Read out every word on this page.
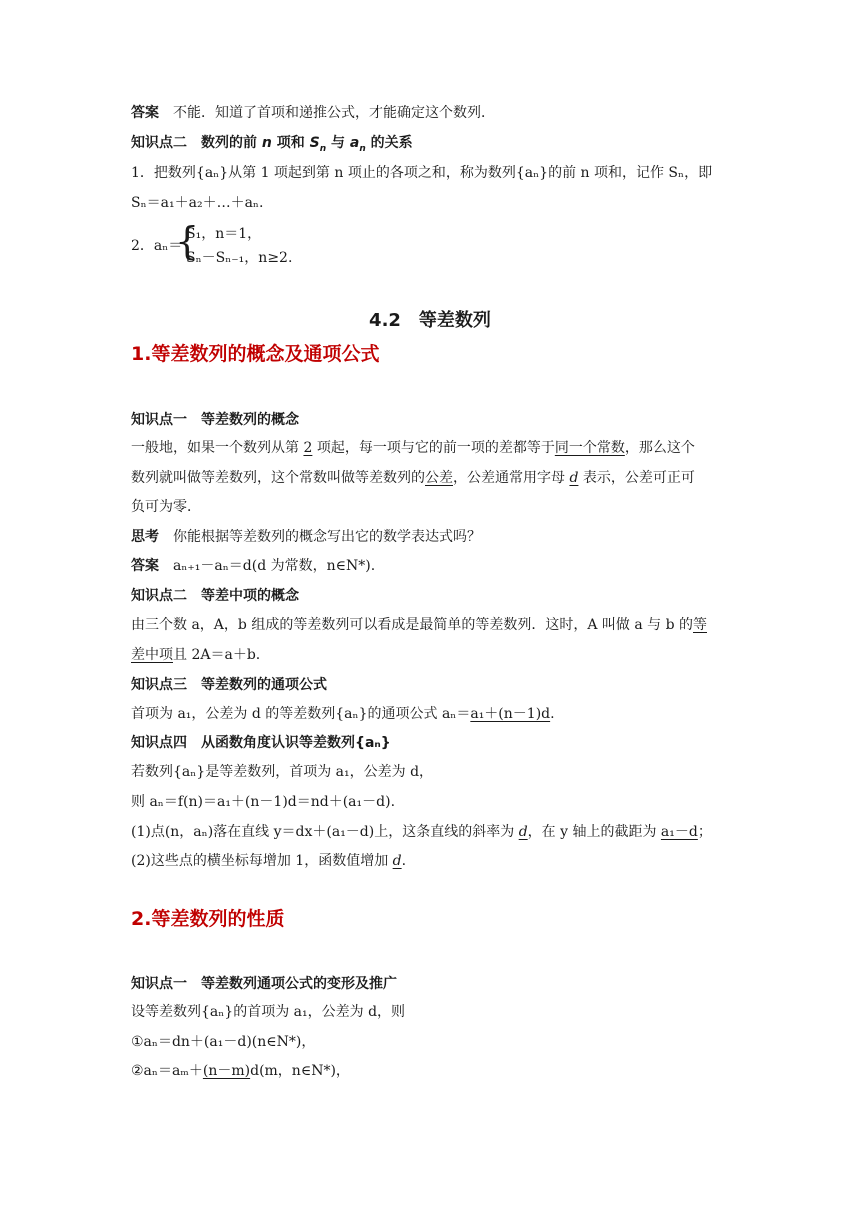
答案 不能．知道了首项和递推公式，才能确定这个数列．
知识点二　数列的前 n 项和 $S_n$ 与 $a_n$ 的关系
1．把数列{aₙ}从第 1 项起到第 n 项止的各项之和，称为数列{aₙ}的前 n 项和，记作 Sₙ，即
Sₙ＝a₁＋a₂＋…＋aₙ.
2．aₙ＝
{
S₁，n＝1，
Sₙ－Sₙ₋₁，n≥2.
4.2　等差数列
1.等差数列的概念及通项公式
知识点一　等差数列的概念
一般地，如果一个数列从第 2 项起，每一项与它的前一项的差都等于同一个常数，那么这个
数列就叫做等差数列，这个常数叫做等差数列的公差，公差通常用字母 d 表示，公差可正可
负可为零．
思考 你能根据等差数列的概念写出它的数学表达式吗？
答案 aₙ₊₁－aₙ＝d(d 为常数，n∈N*).
知识点二　等差中项的概念
由三个数 a，A，b 组成的等差数列可以看成是最简单的等差数列．这时，A 叫做 a 与 b 的等
差中项且 2A＝a＋b.
知识点三　等差数列的通项公式
首项为 a₁，公差为 d 的等差数列{aₙ}的通项公式 aₙ＝a₁＋(n－1)d.
知识点四　从函数角度认识等差数列{aₙ}
若数列{aₙ}是等差数列，首项为 a₁，公差为 d，
则 aₙ＝f(n)＝a₁＋(n－1)d＝nd＋(a₁－d).
(1)点(n，aₙ)落在直线 y＝dx＋(a₁－d)上，这条直线的斜率为 d，在 y 轴上的截距为 a₁－d；
(2)这些点的横坐标每增加 1，函数值增加 d.
2.等差数列的性质
知识点一　等差数列通项公式的变形及推广
设等差数列{aₙ}的首项为 a₁，公差为 d，则
①aₙ＝dn＋(a₁－d)(n∈N*)，
②aₙ＝aₘ＋(n－m)d(m，n∈N*)，
